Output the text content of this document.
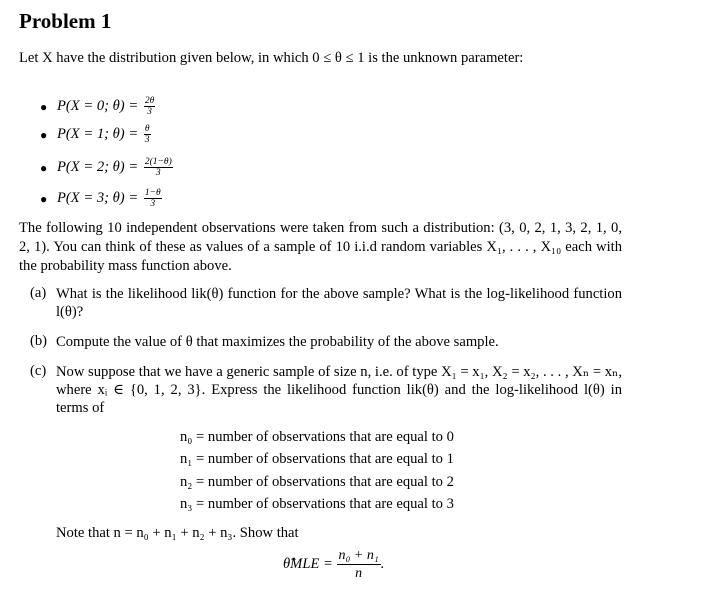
Problem 1
Let X have the distribution given below, in which 0 ≤ θ ≤ 1 is the unknown parameter:
● P(X = 0; $\theta) = \frac{2\theta}{3}$
● P(X = 1; $\theta) = \frac{\theta}{3}$
● P(X = 2; $\theta) = \frac{2(1-\theta)}{3}$
● P(X = 3; $\theta) = \frac{1-\theta}{3}$
The following 10 independent observations were taken from such a distribution: (3, 0, 2, 1, 3, 2, 1, 0, 2, 1). You can think of these as values of a sample of 10 i.i.d random variables X₁, . . . , X₁₀ each with the probability mass function above.
(a) What is the likelihood lik(θ) function for the above sample? What is the log-likelihood function l(θ)?
(b) Compute the value of θ that maximizes the probability of the above sample.
(c) Now suppose that we have a generic sample of size n, i.e. of type X₁ = x₁, X₂ = x₂, . . . , Xₙ = xₙ, where xᵢ ∈ {0, 1, 2, 3}. Express the likelihood function lik(θ) and the log-likelihood l(θ) in terms of
n₀ = number of observations that are equal to 0
n₁ = number of observations that are equal to 1
n₂ = number of observations that are equal to 2
n₃ = number of observations that are equal to 3
Note that n = n₀ + n₁ + n₂ + n₃. Show that
θ̂MLE = $\frac{\text{n₀ + n₁}}{n}$ .
